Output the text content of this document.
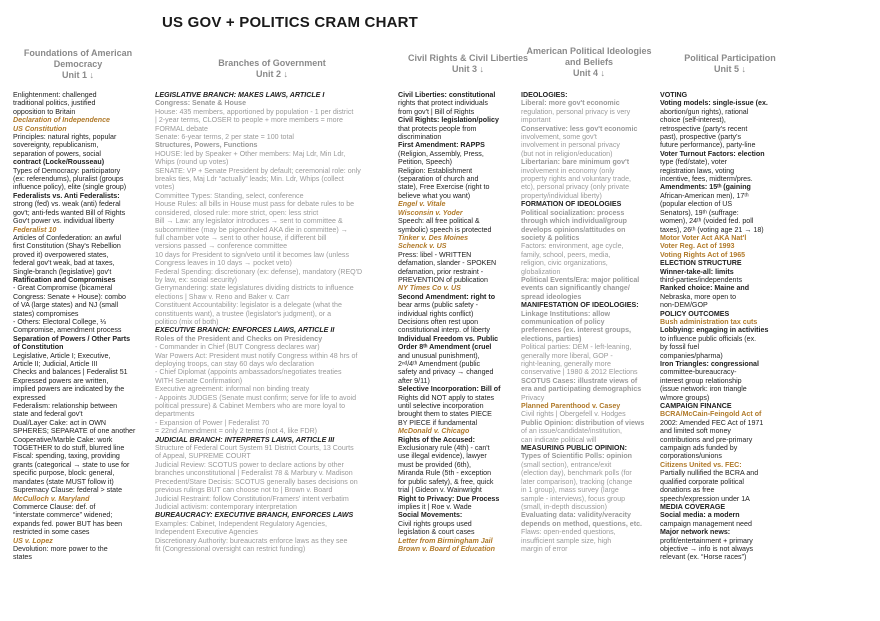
US GOV + POLITICS CRAM CHART
Foundations of American Democracy
Unit 1 ↓
Branches of Government
Unit 2 ↓
Civil Rights & Civil Liberties
Unit 3 ↓
American Political Ideologies and Beliefs
Unit 4 ↓
Political Participation
Unit 5 ↓
Enlightenment: challenged
traditional politics, justified
opposition to Britain
Declaration of Independence
US Constitution
Principles: natural rights, popular
sovereignty, republicanism,
separation of powers, social
contract (Locke/Rousseau)
Types of Democracy: participatory
(ex: referendums), pluralist (groups
influence policy), elite (single group)
Federalists vs. Anti Federalists:
strong (fed) vs. weak (anti) federal
gov't; anti-feds wanted Bill of Rights
Gov't power vs. individual liberty
Federalist 10
Articles of Confederation: an awful
first Constitution (Shay's Rebellion
proved it) overpowered states,
federal gov't weak, bad at taxes,
Single-branch (legislative) gov't
Ratification and Compromises
- Great Compromise (bicameral
Congress: Senate + House): combo
of VA (large states) and NJ (small
states) compromises
- Others: Electoral College, ⅓
Compromise, amendment process
Separation of Powers / Other Parts
of Constitution
Legislative, Article I; Executive,
Article II; Judicial, Article III
Checks and balances | Federalist 51
Expressed powers are written,
implied powers are indicated by the
expressed
Federalism: relationship between
state and federal gov't
Dual/Layer Cake: act in OWN
SPHERES; SEPARATE of one another
Cooperative/Marble Cake: work
TOGETHER to do stuff, blurred line
Fiscal: spending, taxing, providing
grants (categorical → state to use for
specific purpose, block: general,
mandates (state MUST follow it)
Supremacy Clause: federal > state
McCulloch v. Maryland
Commerce Clause: def. of
“interstate commerce” widened;
expands fed. power BUT has been
restricted in some cases
US v. Lopez
Devolution: more power to the
states
LEGISLATIVE BRANCH: MAKES LAWS, ARTICLE I
Congress: Senate & House
House: 435 members, apportioned by population - 1 per district
| 2-year terms, CLOSER to people + more members = more
FORMAL debate
Senate: 6-year terms, 2 per state = 100 total
Structures, Powers, Functions
HOUSE: led by Speaker + Other members: Maj Ldr, Min Ldr,
Whips (round up votes)
SENATE: VP + Senate President by default; ceremonial role: only
breaks ties, Maj Ldr “actually” leads; Min. Ldr, Whips (collect
votes)
Committee Types: Standing, select, conference
House Rules: all bills in House must pass for debate rules to be
considered, closed rule: more strict, open: less strict
Bill → Law: any legislator introduces → sent to committee &
subcommittee (may be pigeonholed AKA die in committee) →
full chamber vote → sent to other house, if different bill
versions passed → conference committee
10 days for President to sign/veto until it becomes law (unless
Congress leaves in 10 days → pocket veto)
Federal Spending: discretionary (ex: defense), mandatory (REQ'D
by law, ex: social security)
Gerrymandering: state legislatures dividing districts to influence
elections | Shaw v. Reno and Baker v. Carr
Constituent Accountability: legislator is a delegate (what the
constituents want), a trustee (legislator's judgment), or a
politico (mix of both)
EXECUTIVE BRANCH: ENFORCES LAWS, ARTICLE II
Roles of the President and Checks on Presidency
- Commander in Chief (BUT Congress declares war)
War Powers Act: President must notify Congress within 48 hrs of
deploying troops, can stay 60 days w/o declaration
- Chief Diplomat (appoints ambassadors/negotiates treaties
WITH Senate Confirmation)
Executive agreement: informal non binding treaty
- Appoints JUDGES (Senate must confirm; serve for life to avoid
political pressure) & Cabinet Members who are more loyal to
departments
- Expansion of Power | Federalist 70
= 22nd Amendment = only 2 terms (not 4, like FDR)
JUDICIAL BRANCH: INTERPRETS LAWS, ARTICLE III
Structure of Federal Court System 91 District Courts, 13 Courts
of Appeal, SUPREME COURT
Judicial Review: SCOTUS power to declare actions by other
branches unconstitutional | Federalist 78 & Marbury v. Madison
Precedent/Stare Decisis: SCOTUS generally bases decisions on
previous rulings BUT can choose not to | Brown v. Board
Judicial Restraint: follow Constitution/Framers' intent verbatim
Judicial activism: contemporary interpretation
BUREAUCRACY: EXECUTIVE BRANCH, ENFORCES LAWS
Examples: Cabinet, Independent Regulatory Agencies,
Independent Executive Agencies
Discretionary Authority: bureaucrats enforce laws as they see
fit (Congressional oversight can restrict funding)
Civil Liberties: constitutional
rights that protect individuals
from gov't | Bill of Rights
Civil Rights: legislation/policy
that protects people from
discrimination
First Amendment: RAPPS
(Religion, Assembly, Press,
Petition, Speech)
Religion: Establishment
(separation of church and
state), Free Exercise (right to
believe what you want)
Engel v. Vitale
Wisconsin v. Yoder
Speech: all free political &
symbolic) speech is protected
Tinker v. Des Moines
Schenck v. US
Press: libel - WRITTEN
defamation, slander - SPOKEN
defamation, prior restraint -
PREVENTION of publication
NY Times Co v. US
Second Amendment: right to
bear arms (public safety -
individual rights conflict)
Decisions often rest upon
constitutional interp. of liberty
Individual Freedom vs. Public
Order 8ᵗʰ Amendment (cruel
and unusual punishment),
2ⁿᵈ/4ᵗʰ Amendment (public
safety and privacy → changed
after 9/11)
Selective Incorporation: Bill of
Rights did NOT apply to states
until selective incorporation
brought them to states PIECE
BY PIECE if fundamental
McDonald v. Chicago
Rights of the Accused:
Exclusionary rule (4th) - can't
use illegal evidence), lawyer
must be provided (6th),
Miranda Rule (5th - exception
for public safety), & free, quick
trial | Gideon v. Wainwright
Right to Privacy: Due Process
implies it | Roe v. Wade
Social Movements:
Civil rights groups used
legislation & court cases
Letter from Birmingham Jail
Brown v. Board of Education
IDEOLOGIES:
Liberal: more gov't economic
regulation, personal privacy is very
important
Conservative: less gov't economic
involvement, some gov't
involvement in personal privacy
(but not in religion/education)
Libertarian: bare minimum gov't
involvement in economy (only
property rights and voluntary trade,
etc), personal privacy (only private
property/individual liberty)
FORMATION OF IDEOLOGIES
Political socialization: process
through which individual/group
develops opinions/attitudes on
society & politics
Factors: environment, age cycle,
family, school, peers, media,
religion, civic organizations,
globalization
Political Events/Era: major political
events can significantly change/
spread ideologies
MANIFESTATION OF IDEOLOGIES:
Linkage Institutions: allow
communication of policy
preferences (ex. interest groups,
elections, parties)
Political parties: DEM - left-leaning,
generally more liberal, GOP -
right-leaning, generally more
conservative | 1980 & 2012 Elections
SCOTUS Cases: illustrate views of
era and participating demographics
Privacy
Planned Parenthood v. Casey
Civil rights | Obergefell v. Hodges
Public Opinion: distribution of views
of an issue/candidate/institution,
can indicate political will
MEASURING PUBLIC OPINION:
Types of Scientific Polls: opinion
(small section), entrance/exit
(election day), benchmark polls (for
later comparison), tracking (change
in 1 group), mass survey (large
sample - interviews), focus group
(small, in-depth discussion)
Evaluating data: validity/veracity
depends on method, questions, etc.
Flaws: open-ended questions,
insufficient sample size, high
margin of error
VOTING
Voting models: single-issue (ex.
abortion/gun rights), rational
choice (self-interest),
retrospective (party's recent
past), prospective (party's
future performance), party-line
Voter Turnout Factors: election
type (fed/state), voter
registration laws, voting
incentive, fees, midterm/pres.
Amendments: 15ᵗʰ (gaining
African-American men), 17ᵗʰ
(popular election of US
Senators), 19ᵗʰ (suffrage:
women), 24ᵗʰ (voided fed. poll
taxes), 26ᵗʰ (voting age 21 → 18)
Motor Voter Act AKA Nat'l
Voter Reg. Act of 1993
Voting Rights Act of 1965
ELECTION STRUCTURE
Winner-take-all: limits
third-parties/independents
Ranked choice: Maine and
Nebraska, more open to
non-DEM/GOP
POLICY OUTCOMES
Bush administration tax cuts
Lobbying: engaging in activities
to influence public officials (ex.
by fossil fuel
companies/pharma)
Iron Triangles: congressional
committee-bureaucracy-
interest group relationship
(issue network: iron triangle
w/more groups)
CAMPAIGN FINANCE
BCRA/McCain-Feingold Act of
2002: Amended FEC Act of 1971
and limited soft money
contributions and pre-primary
campaign ads funded by
corporations/unions
Citizens United vs. FEC:
Partially nullified the BCRA and
qualified corporate political
donations as free
speech/expression under 1A
MEDIA COVERAGE
Social media: a modern
campaign management need
Major network news:
profit/entertainment + primary
objective → info is not always
relevant (ex. “Horse races”)
